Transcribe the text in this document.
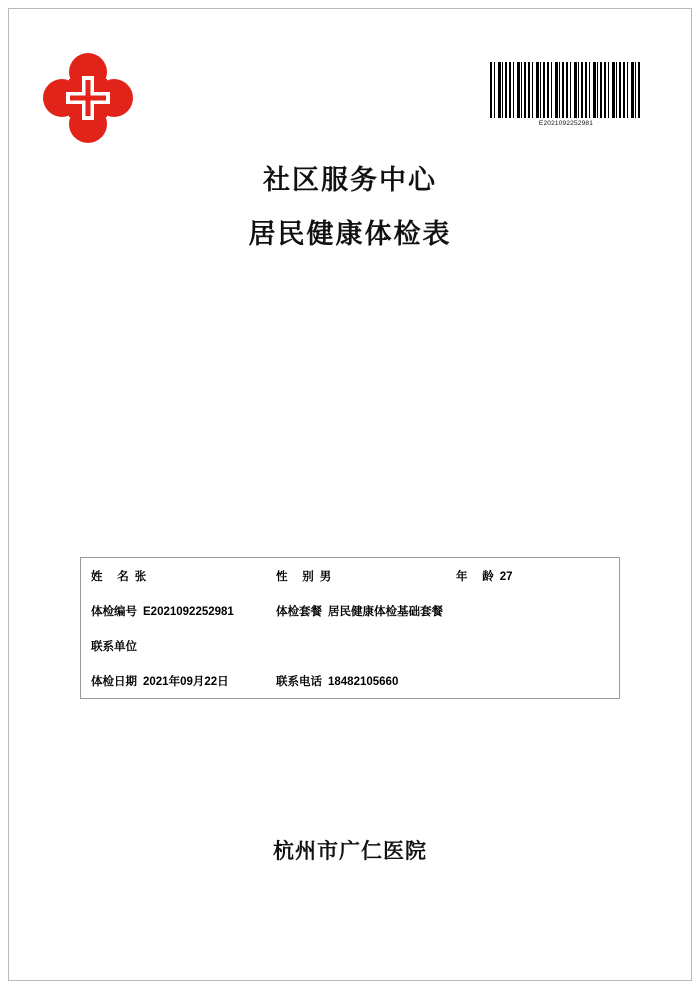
E2021092252981
社区服务中心
居民健康体检表
姓　 名 张	性　 别 男	年　 龄 27
体检编号 E2021092252981	体检套餐 居民健康体检基础套餐
联系单位
体检日期 2021年09月22日	联系电话 18482105660
杭州市广仁医院
